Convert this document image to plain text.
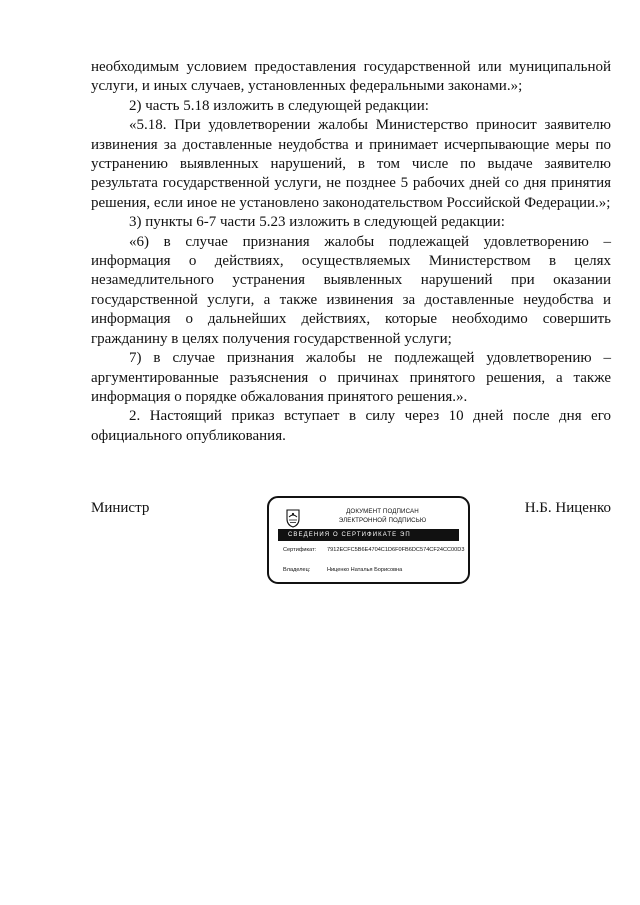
необходимым условием предоставления государственной или муниципальной услуги, и иных случаев, установленных федеральными законами.»;

2) часть 5.18 изложить в следующей редакции:

«5.18. При удовлетворении жалобы Министерство приносит заявителю извинения за доставленные неудобства и принимает исчерпывающие меры по устранению выявленных нарушений, в том числе по выдаче заявителю результата государственной услуги, не позднее 5 рабочих дней со дня принятия решения, если иное не установлено законодательством Российской Федерации.»;

3) пункты 6-7 части 5.23 изложить в следующей редакции:

«6) в случае признания жалобы подлежащей удовлетворению – информация о действиях, осуществляемых Министерством в целях незамедлительного устранения выявленных нарушений при оказании государственной услуги, а также извинения за доставленные неудобства и информация о дальнейших действиях, которые необходимо совершить гражданину в целях получения государственной услуги;

7) в случае признания жалобы не подлежащей удовлетворению – аргументированные разъяснения о причинах принятого решения, а также информация о порядке обжалования принятого решения.».

2. Настоящий приказ вступает в силу через 10 дней после дня его официального опубликования.

Министр	ДОКУМЕНТ ПОДПИСАН
ЭЛЕКТРОННОЙ ПОДПИСЬЮ
СВЕДЕНИЯ О СЕРТИФИКАТЕ ЭП
Сертификат: 7912ECFC5B6E4704C1D6F0FB6DC574CF24CC00D3
Владелец:	Ниценко Наталья Борисовна
Н.Б. Ниценко
